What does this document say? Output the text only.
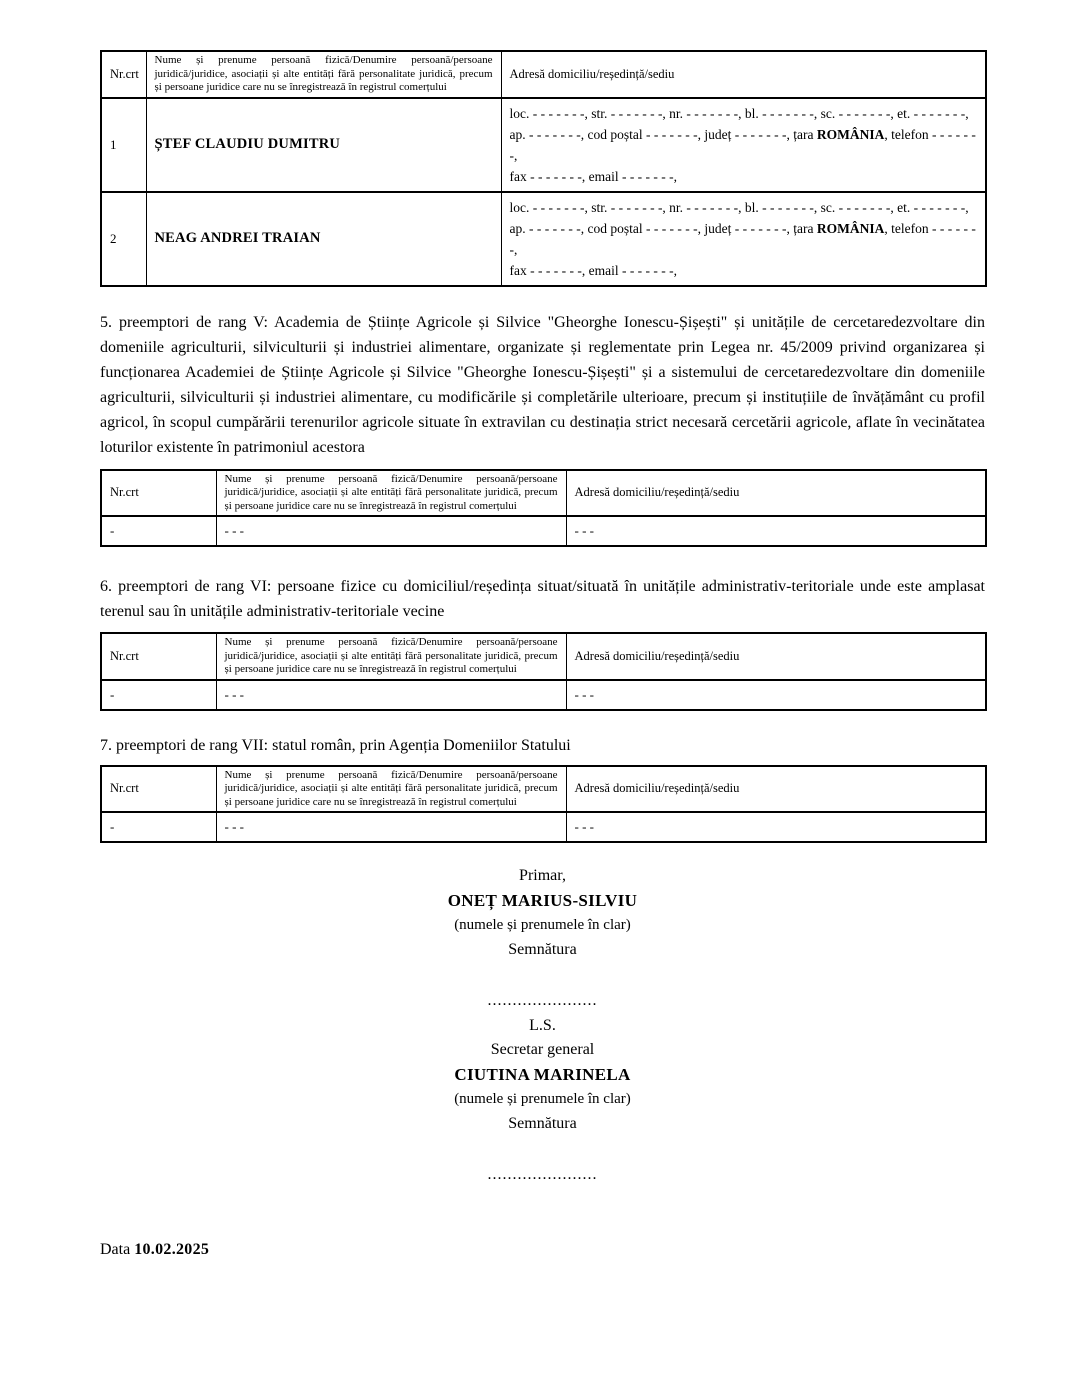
Nr.crt	Nume și prenume persoană fizică/Denumire persoană/persoane juridică/juridice, asociații și alte entități fără personalitate juridică, precum și persoane juridice care nu se înregistrează în registrul comerțului	Adresă domiciliu/reședință/sediu
1	ȘTEF CLAUDIU DUMITRU	loc. - - - - - - -, str. - - - - - - -, nr. - - - - - - -, bl. - - - - - - -, sc. - - - - - - -, et. - - - - - - -,
ap. - - - - - - -, cod poștal - - - - - - -, județ - - - - - - -, țara ROMÂNIA, telefon - - - - - - -,
fax - - - - - - -, email - - - - - - -,

2	NEAG ANDREI TRAIAN	loc. - - - - - - -, str. - - - - - - -, nr. - - - - - - -, bl. - - - - - - -, sc. - - - - - - -, et. - - - - - - -,
ap. - - - - - - -, cod poștal - - - - - - -, județ - - - - - - -, țara ROMÂNIA, telefon - - - - - - -,
fax - - - - - - -, email - - - - - - -,

5. preemptori de rang V: Academia de Științe Agricole și Silvice "Gheorghe Ionescu-Șișești" și unitățile de cercetaredezvoltare din domeniile agriculturii, silviculturii și industriei alimentare, organizate și reglementate prin Legea nr. 45/2009 privind organizarea și funcționarea Academiei de Științe Agricole și Silvice "Gheorghe Ionescu-Șișești" și a sistemului de cercetaredezvoltare din domeniile agriculturii, silviculturii și industriei alimentare, cu modificările și completările ulterioare, precum și instituțiile de învățământ cu profil agricol, în scopul cumpărării terenurilor agricole situate în extravilan cu destinația strict necesară cercetării agricole, aflate în vecinătatea loturilor existente în patrimoniul acestora

Nr.crt	Nume și prenume persoană fizică/Denumire persoană/persoane juridică/juridice, asociații și alte entități fără personalitate juridică, precum și persoane juridice care nu se înregistrează în registrul comerțului	Adresă domiciliu/reședință/sediu
-	- - -	- - -

6. preemptori de rang VI: persoane fizice cu domiciliul/reședința situat/situată în unitățile administrativ-teritoriale unde este amplasat terenul sau în unitățile administrativ-teritoriale vecine

Nr.crt	Nume și prenume persoană fizică/Denumire persoană/persoane juridică/juridice, asociații și alte entități fără personalitate juridică, precum și persoane juridice care nu se înregistrează în registrul comerțului	Adresă domiciliu/reședință/sediu
-	- - -	- - -

7. preemptori de rang VII: statul român, prin Agenția Domeniilor Statului

Nr.crt	Nume și prenume persoană fizică/Denumire persoană/persoane juridică/juridice, asociații și alte entități fără personalitate juridică, precum și persoane juridice care nu se înregistrează în registrul comerțului	Adresă domiciliu/reședință/sediu
-	- - -	- - -
Primar,
ONEȚ MARIUS-SILVIU
(numele și prenumele în clar)
Semnătura
......................
L.S.
Secretar general
CIUTINA MARINELA
(numele și prenumele în clar)
Semnătura
......................
Data 10.02.2025
